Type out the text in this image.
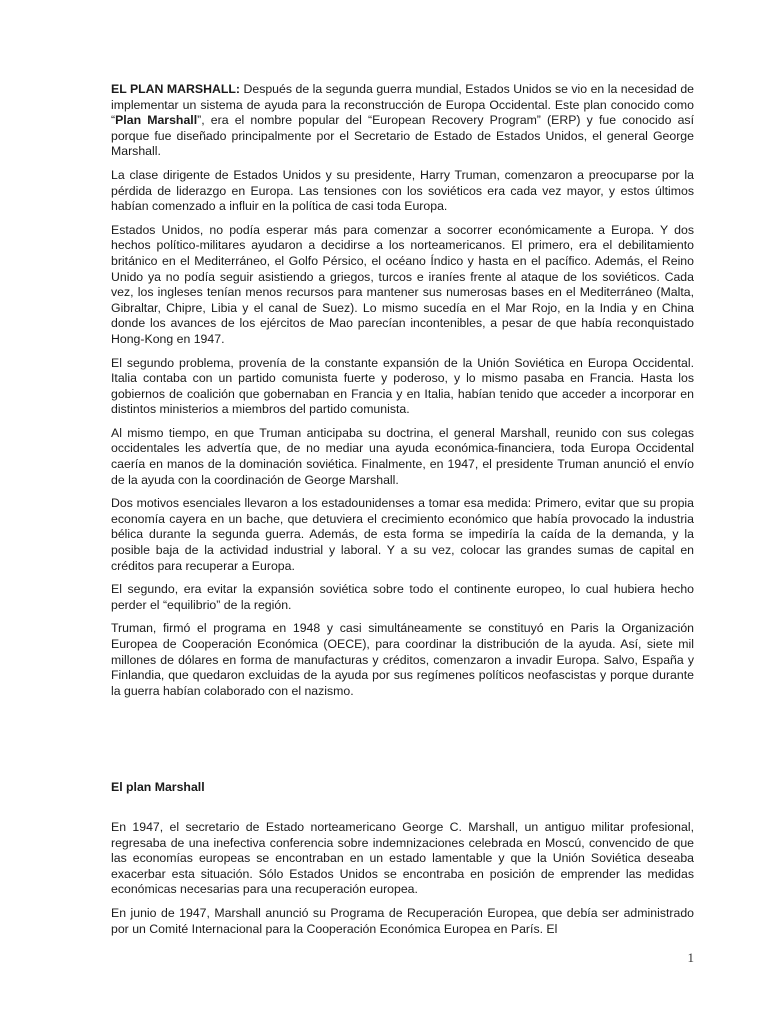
EL PLAN MARSHALL: Después de la segunda guerra mundial, Estados Unidos se vio en la necesidad de implementar un sistema de ayuda para la reconstrucción de Europa Occidental. Este plan conocido como “Plan Marshall”, era el nombre popular del “European Recovery Program” (ERP) y fue conocido así porque fue diseñado principalmente por el Secretario de Estado de Estados Unidos, el general George Marshall.

La clase dirigente de Estados Unidos y su presidente, Harry Truman, comenzaron a preocuparse por la pérdida de liderazgo en Europa. Las tensiones con los soviéticos era cada vez mayor, y estos últimos habían comenzado a influir en la política de casi toda Europa.

Estados Unidos, no podía esperar más para comenzar a socorrer económicamente a Europa. Y dos hechos político-militares ayudaron a decidirse a los norteamericanos. El primero, era el debilitamiento británico en el Mediterráneo, el Golfo Pérsico, el océano Índico y hasta en el pacífico. Además, el Reino Unido ya no podía seguir asistiendo a griegos, turcos e iraníes frente al ataque de los soviéticos. Cada vez, los ingleses tenían menos recursos para mantener sus numerosas bases en el Mediterráneo (Malta, Gibraltar, Chipre, Libia y el canal de Suez). Lo mismo sucedía en el Mar Rojo, en la India y en China donde los avances de los ejércitos de Mao parecían incontenibles, a pesar de que había reconquistado Hong-Kong en 1947.

El segundo problema, provenía de la constante expansión de la Unión Soviética en Europa Occidental. Italia contaba con un partido comunista fuerte y poderoso, y lo mismo pasaba en Francia. Hasta los gobiernos de coalición que gobernaban en Francia y en Italia, habían tenido que acceder a incorporar en distintos ministerios a miembros del partido comunista.

Al mismo tiempo, en que Truman anticipaba su doctrina, el general Marshall, reunido con sus colegas occidentales les advertía que, de no mediar una ayuda económica-financiera, toda Europa Occidental caería en manos de la dominación soviética. Finalmente, en 1947, el presidente Truman anunció el envío de la ayuda con la coordinación de George Marshall.

Dos motivos esenciales llevaron a los estadounidenses a tomar esa medida: Primero, evitar que su propia economía cayera en un bache, que detuviera el crecimiento económico que había provocado la industria bélica durante la segunda guerra. Además, de esta forma se impediría la caída de la demanda, y la posible baja de la actividad industrial y laboral. Y a su vez, colocar las grandes sumas de capital en créditos para recuperar a Europa.

El segundo, era evitar la expansión soviética sobre todo el continente europeo, lo cual hubiera hecho perder el “equilibrio” de la región.

Truman, firmó el programa en 1948 y casi simultáneamente se constituyó en Paris la Organización Europea de Cooperación Económica (OECE), para coordinar la distribución de la ayuda. Así, siete mil millones de dólares en forma de manufacturas y créditos, comenzaron a invadir Europa. Salvo, España y Finlandia, que quedaron excluidas de la ayuda por sus regímenes políticos neofascistas y porque durante la guerra habían colaborado con el nazismo.

El plan Marshall

En 1947, el secretario de Estado norteamericano George C. Marshall, un antiguo militar profesional, regresaba de una inefectiva conferencia sobre indemnizaciones celebrada en Moscú, convencido de que las economías europeas se encontraban en un estado lamentable y que la Unión Soviética deseaba exacerbar esta situación. Sólo Estados Unidos se encontraba en posición de emprender las medidas económicas necesarias para una recuperación europea.

En junio de 1947, Marshall anunció su Programa de Recuperación Europea, que debía ser administrado por un Comité Internacional para la Cooperación Económica Europea en París. El

1
